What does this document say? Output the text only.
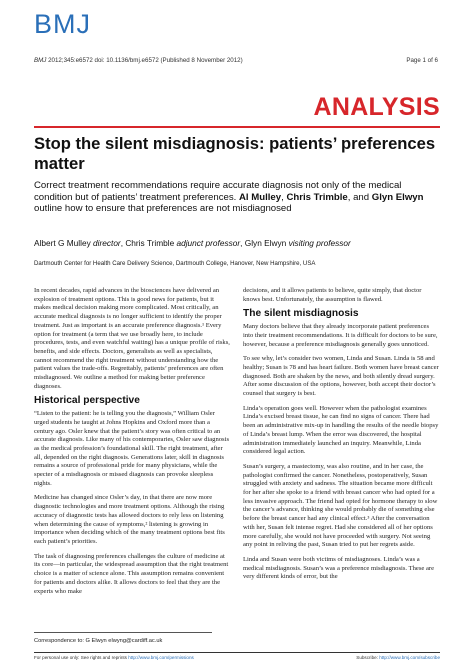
BMJ
BMJ 2012;345:e6572 doi: 10.1136/bmj.e6572 (Published 8 November 2012)	Page 1 of 6
ANALYSIS
Stop the silent misdiagnosis: patients’ preferences matter
Correct treatment recommendations require accurate diagnosis not only of the medical condition but of patients’ treatment preferences. Al Mulley, Chris Trimble, and Glyn Elwyn outline how to ensure that preferences are not misdiagnosed
Albert G Mulley director, Chris Trimble adjunct professor, Glyn Elwyn visiting professor
Dartmouth Center for Health Care Delivery Science, Dartmouth College, Hanover, New Hampshire, USA

In recent decades, rapid advances in the biosciences have delivered an explosion of treatment options. This is good news for patients, but it makes medical decision making more complicated. Most critically, an accurate medical diagnosis is no longer sufficient to identify the proper treatment. Just as important is an accurate preference diagnosis.¹ Every option for treatment (a term that we use broadly here, to include procedures, tests, and even watchful waiting) has a unique profile of risks, benefits, and side effects. Doctors, generalists as well as specialists, cannot recommend the right treatment without understanding how the patient values the trade-offs. Regrettably, patients’ preferences are often misdiagnosed. We outline a method for making better preference diagnoses.

Historical perspective

“Listen to the patient: he is telling you the diagnosis,” William Osler urged students he taught at Johns Hopkins and Oxford more than a century ago. Osler knew that the patient’s story was often critical to an accurate diagnosis. Like many of his contemporaries, Osler saw diagnosis as the medical profession’s foundational skill. The right treatment, after all, depended on the right diagnosis. Generations later, skill in diagnosis remains a source of professional pride for many physicians, while the specter of a misdiagnosis or missed diagnosis can provoke sleepless nights.

Medicine has changed since Osler’s day, in that there are now more diagnostic technologies and more treatment options. Although the rising accuracy of diagnostic tests has allowed doctors to rely less on listening when determining the cause of symptoms,² listening is growing in importance when deciding which of the many treatment options best fits each patient’s priorities.

The task of diagnosing preferences challenges the culture of medicine at its core—in particular, the widespread assumption that the right treatment choice is a matter of science alone. This assumption remains convenient for patients and doctors alike. It allows doctors to feel that they are the experts who make

decisions, and it allows patients to believe, quite simply, that doctor knows best. Unfortunately, the assumption is flawed.

The silent misdiagnosis

Many doctors believe that they already incorporate patient preferences into their treatment recommendations. It is difficult for doctors to be sure, however, because a preference misdiagnosis generally goes unnoticed.

To see why, let’s consider two women, Linda and Susan. Linda is 58 and healthy; Susan is 78 and has heart failure. Both women have breast cancer diagnosed. Both are shaken by the news, and both silently dread surgery. After some discussion of the options, however, both accept their doctor’s counsel that surgery is best.

Linda’s operation goes well. However when the pathologist examines Linda’s excised breast tissue, he can find no signs of cancer. There had been an administrative mix-up in handling the results of the needle biopsy of Linda’s breast lump. When the error was discovered, the hospital administration immediately launched an inquiry. Meanwhile, Linda considered legal action.

Susan’s surgery, a mastectomy, was also routine, and in her case, the pathologist confirmed the cancer. Nonetheless, postoperatively, Susan struggled with anxiety and sadness. The situation became more difficult for her after she spoke to a friend with breast cancer who had opted for a less invasive approach. The friend had opted for hormone therapy to slow the cancer’s advance, thinking she would probably die of something else before the breast cancer had any clinical effect.³ After the conversation with her, Susan felt intense regret. Had she considered all of her options more carefully, she would not have proceeded with surgery. Not seeing any point in reliving the past, Susan tried to put her regrets aside.

Linda and Susan were both victims of misdiagnoses. Linda’s was a medical misdiagnosis. Susan’s was a preference misdiagnosis. These are very different kinds of error, but the

Correspondence to: G Elwyn elwyng@cardiff.ac.uk
For personal use only: See rights and reprints http://www.bmj.com/permissions	Subscribe: http://www.bmj.com/subscribe
